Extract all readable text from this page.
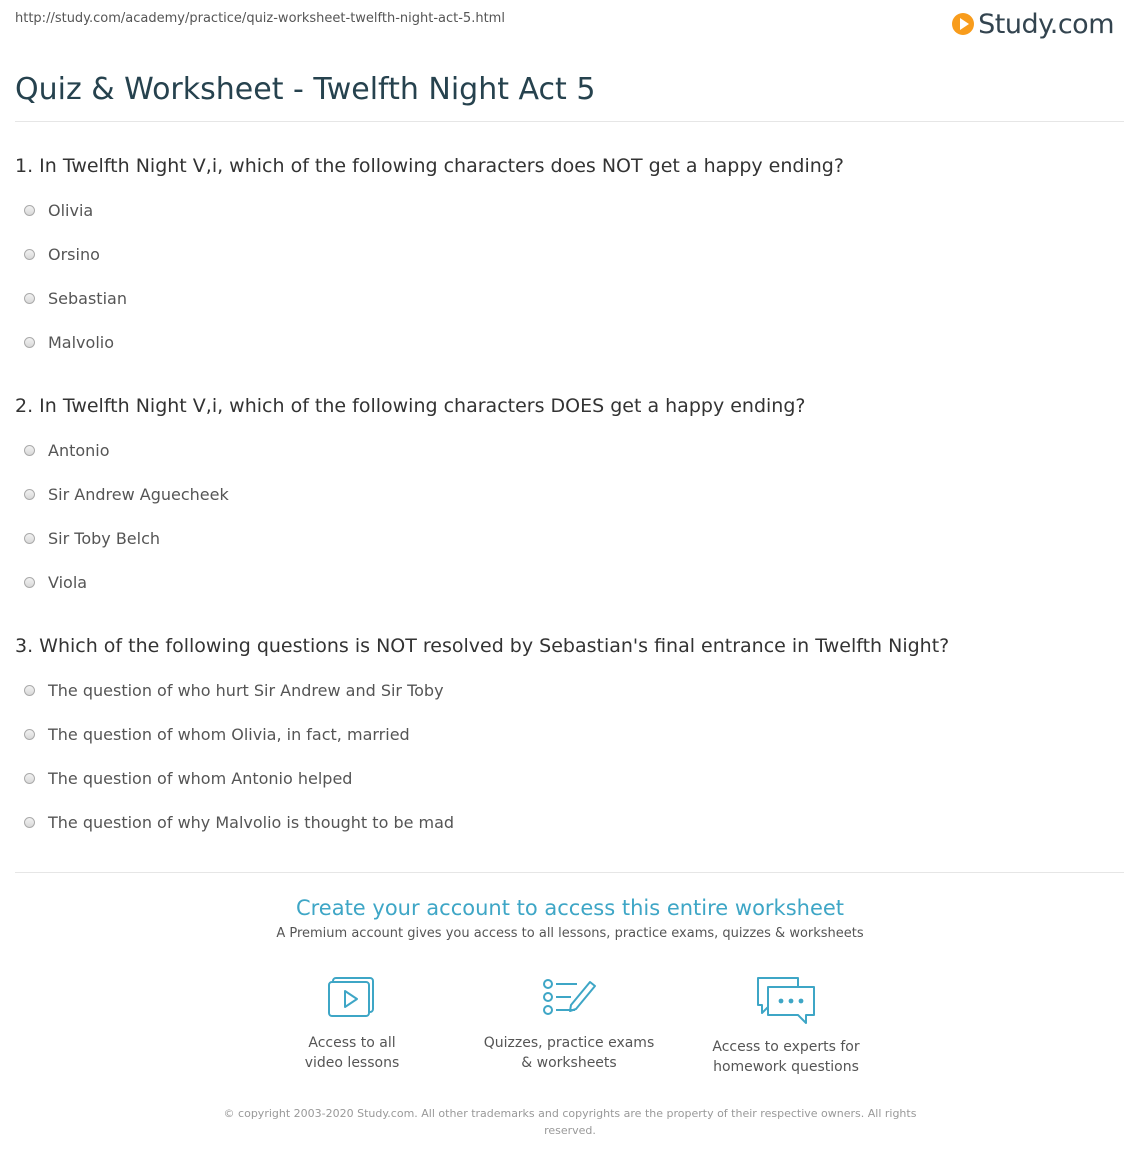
http://study.com/academy/practice/quiz-worksheet-twelfth-night-act-5.html	Study.com
Quiz & Worksheet - Twelfth Night Act 5

1. In Twelfth Night V,i, which of the following characters does NOT get a happy ending?

Olivia
Orsino
Sebastian
Malvolio

2. In Twelfth Night V,i, which of the following characters DOES get a happy ending?

Antonio
Sir Andrew Aguecheek
Sir Toby Belch
Viola

3. Which of the following questions is NOT resolved by Sebastian's final entrance in Twelfth Night?

The question of who hurt Sir Andrew and Sir Toby
The question of whom Olivia, in fact, married
The question of whom Antonio helped
The question of why Malvolio is thought to be mad
Create your account to access this entire worksheet
A Premium account gives you access to all lessons, practice exams, quizzes & worksheets
Access to all
video lessons
Quizzes, practice exams
& worksheets
Access to experts for
homework questions
© copyright 2003-2020 Study.com. All other trademarks and copyrights are the property of their respective owners. All rights reserved.
